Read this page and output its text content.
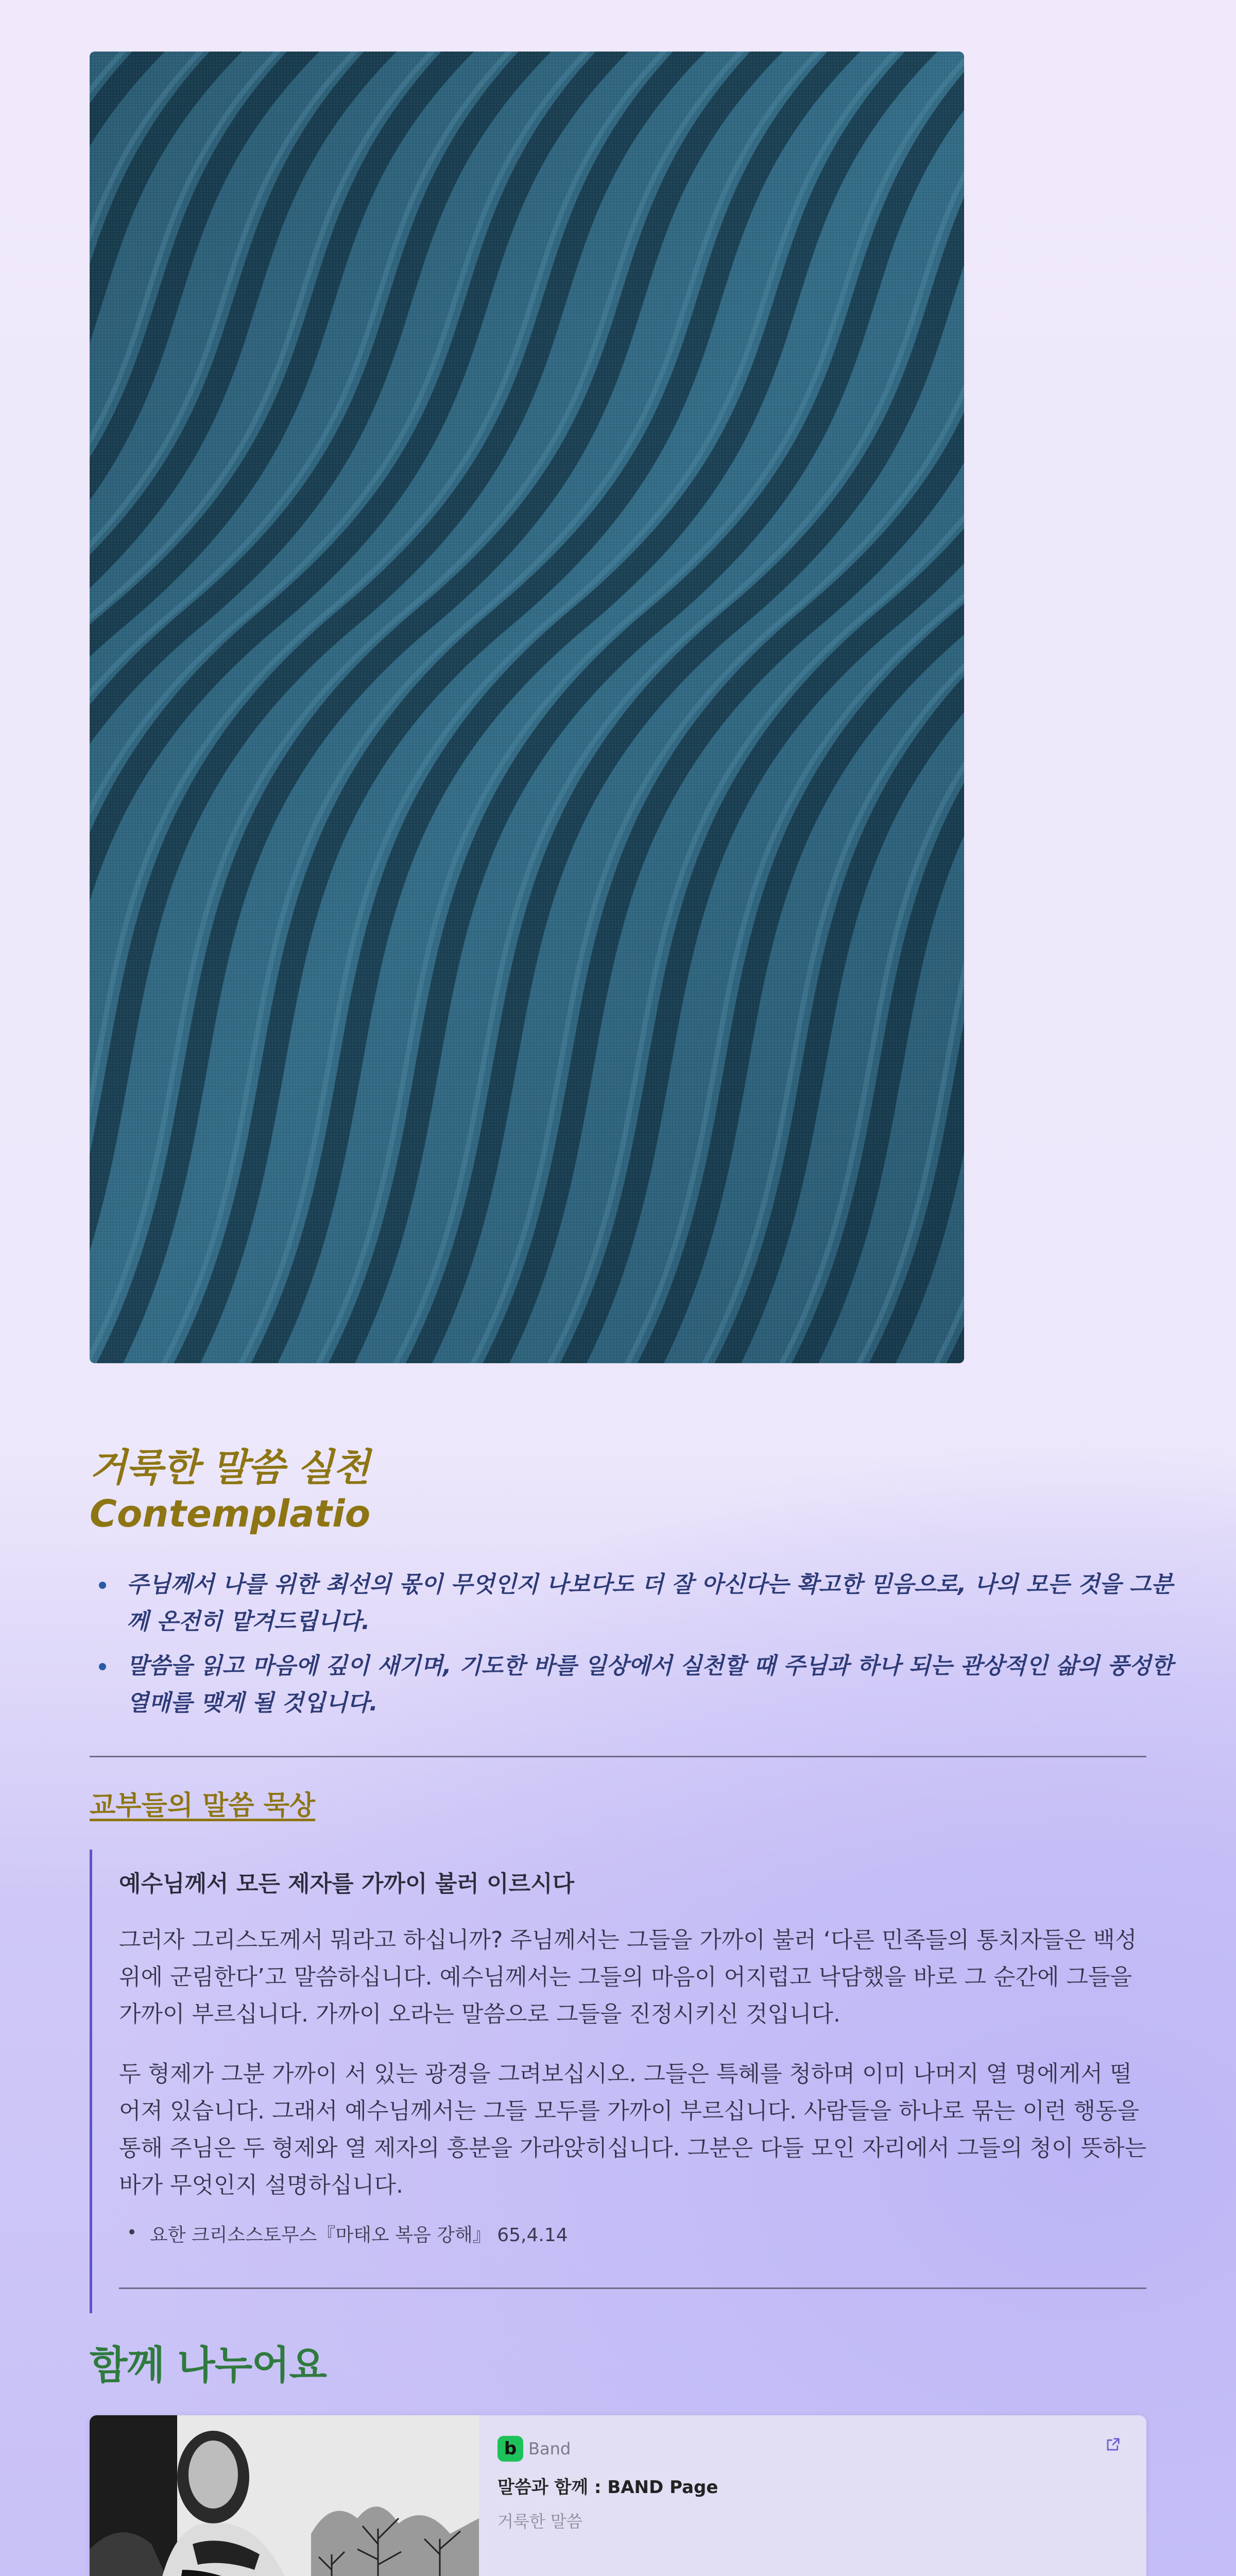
거룩한 말씀 실천
Contemplatio
주님께서 나를 위한 최선의 몫이 무엇인지 나보다도 더 잘 아신다는 확고한 믿음으로, 나의 모든 것을 그분께 온전히 맡겨드립니다.
말씀을 읽고 마음에 깊이 새기며, 기도한 바를 일상에서 실천할 때 주님과 하나 되는 관상적인 삶의 풍성한 열매를 맺게 될 것입니다.
교부들의 말씀 묵상
예수님께서 모든 제자를 가까이 불러 이르시다

그러자 그리스도께서 뭐라고 하십니까? 주님께서는 그들을 가까이 불러 ‘다른 민족들의 통치자들은 백성 위에 군림한다’고 말씀하십니다. 예수님께서는 그들의 마음이 어지럽고 낙담했을 바로 그 순간에 그들을 가까이 부르십니다. 가까이 오라는 말씀으로 그들을 진정시키신 것입니다.

두 형제가 그분 가까이 서 있는 광경을 그려보십시오. 그들은 특혜를 청하며 이미 나머지 열 명에게서 떨어져 있습니다. 그래서 예수님께서는 그들 모두를 가까이 부르십니다. 사람들을 하나로 묶는 이런 행동을 통해 주님은 두 형제와 열 제자의 흥분을 가라앉히십니다. 그분은 다들 모인 자리에서 그들의 청이 뜻하는 바가 무엇인지 설명하십니다.

요한 크리소스토무스『마태오 복음 강해』 65,4.14
함께 나누어요
b Band
말씀과 함께 : BAND Page
거룩한 말씀
